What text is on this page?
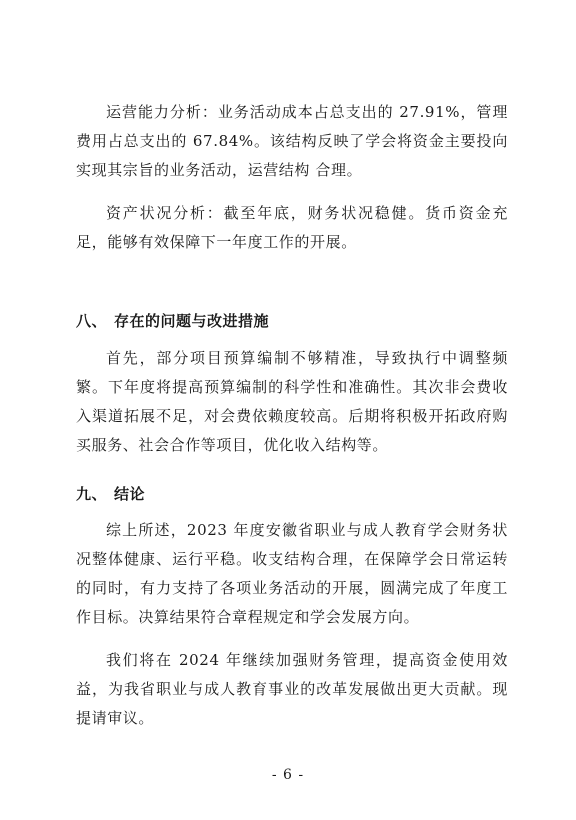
运营能力分析：业务活动成本占总支出的 27.91%，管理费用占总支出的 67.84%。该结构反映了学会将资金主要投向实现其宗旨的业务活动，运营结构 合理。

资产状况分析：截至年底，财务状况稳健。货币资金充足，能够有效保障下一年度工作的开展。

八、 存在的问题与改进措施

首先，部分项目预算编制不够精准，导致执行中调整频繁。下年度将提高预算编制的科学性和准确性。其次非会费收入渠道拓展不足，对会费依赖度较高。后期将积极开拓政府购买服务、社会合作等项目，优化收入结构等。

九、 结论

综上所述，2023 年度安徽省职业与成人教育学会财务状况整体健康、运行平稳。收支结构合理，在保障学会日常运转的同时，有力支持了各项业务活动的开展，圆满完成了年度工作目标。决算结果符合章程规定和学会发展方向。

我们将在 2024 年继续加强财务管理，提高资金使用效益，为我省职业与成人教育事业的改革发展做出更大贡献。现提请审议。

- 6 -
